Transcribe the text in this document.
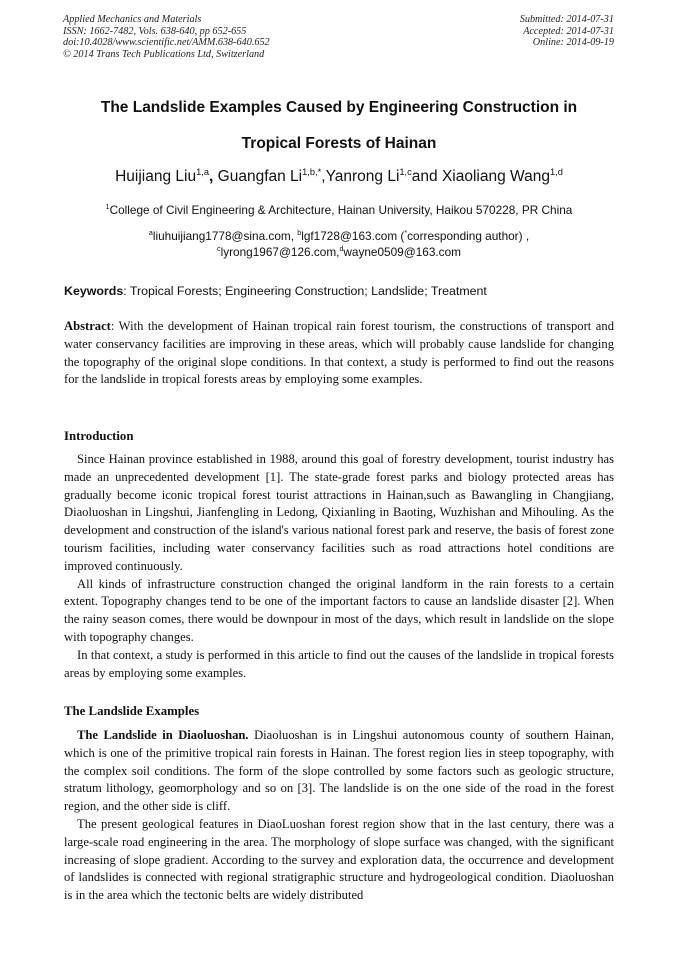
Applied Mechanics and Materials
ISSN: 1662-7482, Vols. 638-640, pp 652-655
doi:10.4028/www.scientific.net/AMM.638-640.652
© 2014 Trans Tech Publications Ltd, Switzerland
Submitted: 2014-07-31
Accepted: 2014-07-31
Online: 2014-09-19
The Landslide Examples Caused by Engineering Construction in
Tropical Forests of Hainan
Huijiang Liu$^{1,a}$, Guangfan $Li^{1,b,*},Yanrong$ Li$^{1,c}$and Xiaoliang Wang$^{1,d}$
$^1$College of Civil Engineering & Architecture, Hainan University, Haikou 570228, PR China
$^a$liuhuijiang1778@sina.com, $^b$lgf1728@163.com (*corresponding author) ,
$^c$lyrong1967@126.com,$^d$wayne0509@163.com
Keywords: Tropical Forests; Engineering Construction; Landslide; Treatment

Abstract: With the development of Hainan tropical rain forest tourism, the constructions of transport and water conservancy facilities are improving in these areas, which will probably cause landslide for changing the topography of the original slope conditions. In that context, a study is performed to find out the reasons for the landslide in tropical forests areas by employing some examples.

Introduction

Since Hainan province established in 1988, around this goal of forestry development, tourist industry has made an unprecedented development [1]. The state-grade forest parks and biology protected areas has gradually become iconic tropical forest tourist attractions in Hainan,such as Bawangling in Changjiang, Diaoluoshan in Lingshui, Jianfengling in Ledong, Qixianling in Baoting, Wuzhishan and Mihouling. As the development and construction of the island's various national forest park and reserve, the basis of forest zone tourism facilities, including water conservancy facilities such as road attractions hotel conditions are improved continuously.

All kinds of infrastructure construction changed the original landform in the rain forests to a certain extent. Topography changes tend to be one of the important factors to cause an landslide disaster [2]. When the rainy season comes, there would be downpour in most of the days, which result in landslide on the slope with topography changes.

In that context, a study is performed in this article to find out the causes of the landslide in tropical forests areas by employing some examples.

The Landslide Examples

The Landslide in Diaoluoshan. Diaoluoshan is in Lingshui autonomous county of southern Hainan, which is one of the primitive tropical rain forests in Hainan. The forest region lies in steep topography, with the complex soil conditions. The form of the slope controlled by some factors such as geologic structure, stratum lithology, geomorphology and so on [3]. The landslide is on the one side of the road in the forest region, and the other side is cliff.

The present geological features in DiaoLuoshan forest region show that in the last century, there was a large-scale road engineering in the area. The morphology of slope surface was changed, with the significant increasing of slope gradient. According to the survey and exploration data, the occurrence and development of landslides is connected with regional stratigraphic structure and hydrogeological condition. Diaoluoshan is in the area which the tectonic belts are widely distributed
